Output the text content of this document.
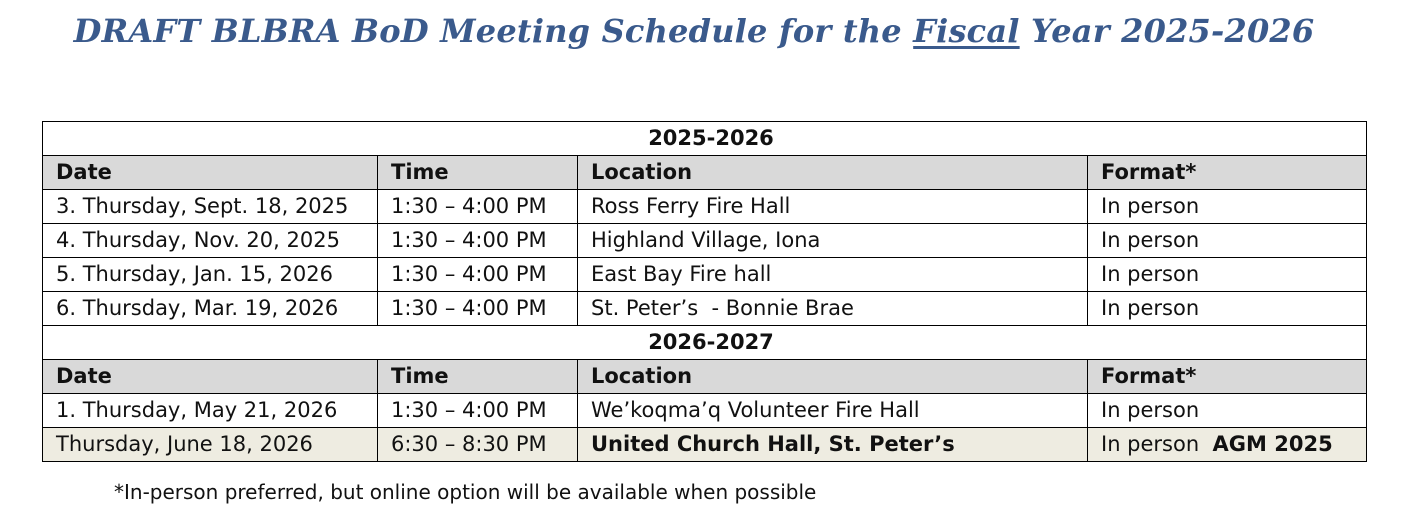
DRAFT BLBRA BoD Meeting Schedule for the Fiscal Year 2025-2026
2025-2026			
Date	Time	Location	Format*
3. Thursday, Sept. 18, 2025	1:30 – 4:00 PM	Ross Ferry Fire Hall	In person
4. Thursday, Nov. 20, 2025	1:30 – 4:00 PM	Highland Village, Iona	In person
5. Thursday, Jan. 15, 2026	1:30 – 4:00 PM	East Bay Fire hall	In person
6. Thursday, Mar. 19, 2026	1:30 – 4:00 PM	St. Peter’s  - Bonnie Brae	In person
2026-2027			
Date	Time	Location	Format*
1. Thursday, May 21, 2026	1:30 – 4:00 PM	We’koqma’q Volunteer Fire Hall	In person
Thursday, June 18, 2026	6:30 – 8:30 PM	United Church Hall, St. Peter’s	In person AGM 2025
*In-person preferred, but online option will be available when possible
